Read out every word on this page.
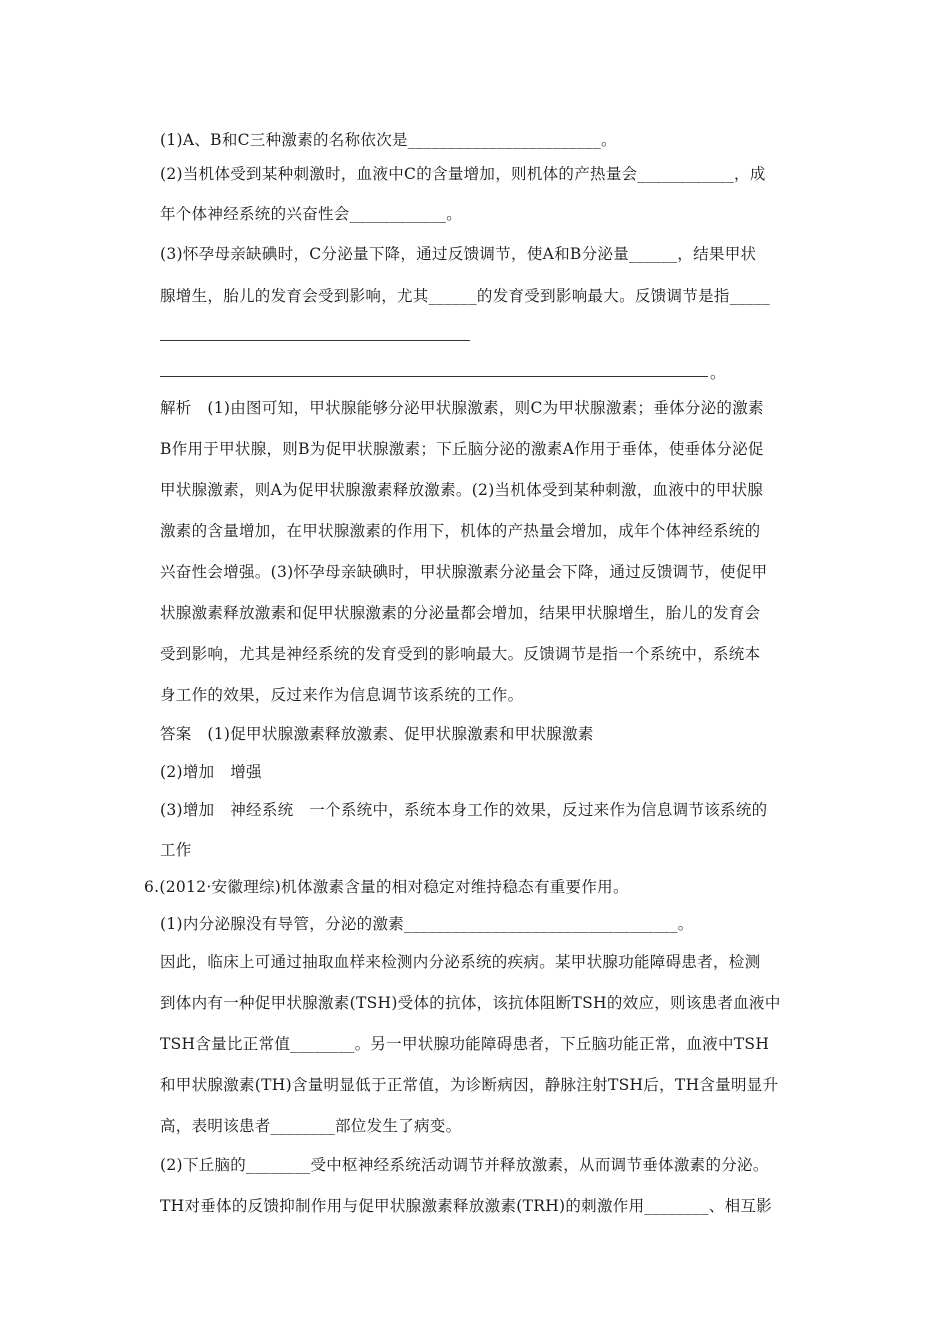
(1)A、B和C三种激素的名称依次是________________________。
(2)当机体受到某种刺激时，血液中C的含量增加，则机体的产热量会____________，成
年个体神经系统的兴奋性会____________。
(3)怀孕母亲缺碘时，C分泌量下降，通过反馈调节，使A和B分泌量______，结果甲状
腺增生，胎儿的发育会受到影响，尤其______的发育受到影响最大。反馈调节是指_____
。
解析　(1)由图可知，甲状腺能够分泌甲状腺激素，则C为甲状腺激素；垂体分泌的激素
B作用于甲状腺，则B为促甲状腺激素；下丘脑分泌的激素A作用于垂体，使垂体分泌促
甲状腺激素，则A为促甲状腺激素释放激素。(2)当机体受到某种刺激，血液中的甲状腺
激素的含量增加，在甲状腺激素的作用下，机体的产热量会增加，成年个体神经系统的
兴奋性会增强。(3)怀孕母亲缺碘时，甲状腺激素分泌量会下降，通过反馈调节，使促甲
状腺激素释放激素和促甲状腺激素的分泌量都会增加，结果甲状腺增生，胎儿的发育会
受到影响，尤其是神经系统的发育受到的影响最大。反馈调节是指一个系统中，系统本
身工作的效果，反过来作为信息调节该系统的工作。
答案　(1)促甲状腺激素释放激素、促甲状腺激素和甲状腺激素
(2)增加　增强
(3)增加　神经系统　一个系统中，系统本身工作的效果，反过来作为信息调节该系统的
工作
6.(2012·安徽理综)机体激素含量的相对稳定对维持稳态有重要作用。
(1)内分泌腺没有导管，分泌的激素__________________________________。
因此，临床上可通过抽取血样来检测内分泌系统的疾病。某甲状腺功能障碍患者，检测
到体内有一种促甲状腺激素(TSH)受体的抗体，该抗体阻断TSH的效应，则该患者血液中
TSH含量比正常值________。另一甲状腺功能障碍患者，下丘脑功能正常，血液中TSH
和甲状腺激素(TH)含量明显低于正常值，为诊断病因，静脉注射TSH后，TH含量明显升
高，表明该患者________部位发生了病变。
(2)下丘脑的________受中枢神经系统活动调节并释放激素，从而调节垂体激素的分泌。
TH对垂体的反馈抑制作用与促甲状腺激素释放激素(TRH)的刺激作用________、相互影
